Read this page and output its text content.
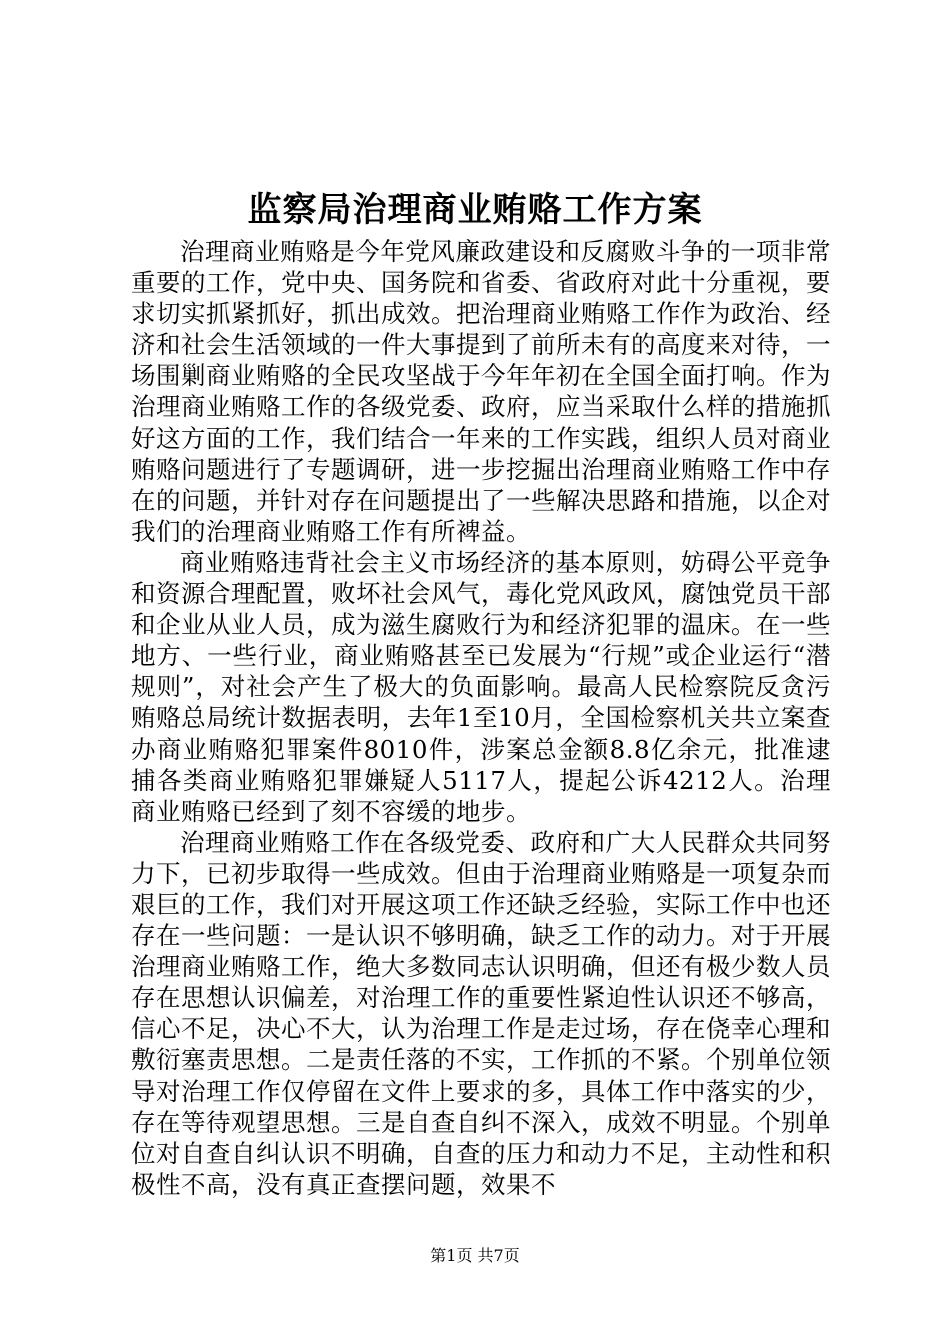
监察局治理商业贿赂工作方案

治理商业贿赂是今年党风廉政建设和反腐败斗争的一项非常重要的工作，党中央、国务院和省委、省政府对此十分重视，要求切实抓紧抓好，抓出成效。把治理商业贿赂工作作为政治、经济和社会生活领域的一件大事提到了前所未有的高度来对待，一场围剿商业贿赂的全民攻坚战于今年年初在全国全面打响。作为治理商业贿赂工作的各级党委、政府，应当采取什么样的措施抓好这方面的工作，我们结合一年来的工作实践，组织人员对商业贿赂问题进行了专题调研，进一步挖掘出治理商业贿赂工作中存在的问题，并针对存在问题提出了一些解决思路和措施，以企对我们的治理商业贿赂工作有所裨益。

商业贿赂违背社会主义市场经济的基本原则，妨碍公平竞争和资源合理配置，败坏社会风气，毒化党风政风，腐蚀党员干部和企业从业人员，成为滋生腐败行为和经济犯罪的温床。在一些地方、一些行业，商业贿赂甚至已发展为“行规”或企业运行“潜规则”，对社会产生了极大的负面影响。最高人民检察院反贪污贿赂总局统计数据表明，去年1至10月，全国检察机关共立案查办商业贿赂犯罪案件8010件，涉案总金额8.8亿余元，批准逮捕各类商业贿赂犯罪嫌疑人5117人，提起公诉4212人。治理商业贿赂已经到了刻不容缓的地步。

治理商业贿赂工作在各级党委、政府和广大人民群众共同努力下，已初步取得一些成效。但由于治理商业贿赂是一项复杂而艰巨的工作，我们对开展这项工作还缺乏经验，实际工作中也还存在一些问题：一是认识不够明确，缺乏工作的动力。对于开展治理商业贿赂工作，绝大多数同志认识明确，但还有极少数人员存在思想认识偏差，对治理工作的重要性紧迫性认识还不够高，信心不足，决心不大，认为治理工作是走过场，存在侥幸心理和敷衍塞责思想。二是责任落的不实，工作抓的不紧。个别单位领导对治理工作仅停留在文件上要求的多，具体工作中落实的少，存在等待观望思想。三是自查自纠不深入，成效不明显。个别单位对自查自纠认识不明确，自查的压力和动力不足，主动性和积极性不高，没有真正查摆问题，效果不

第1页 共7页
